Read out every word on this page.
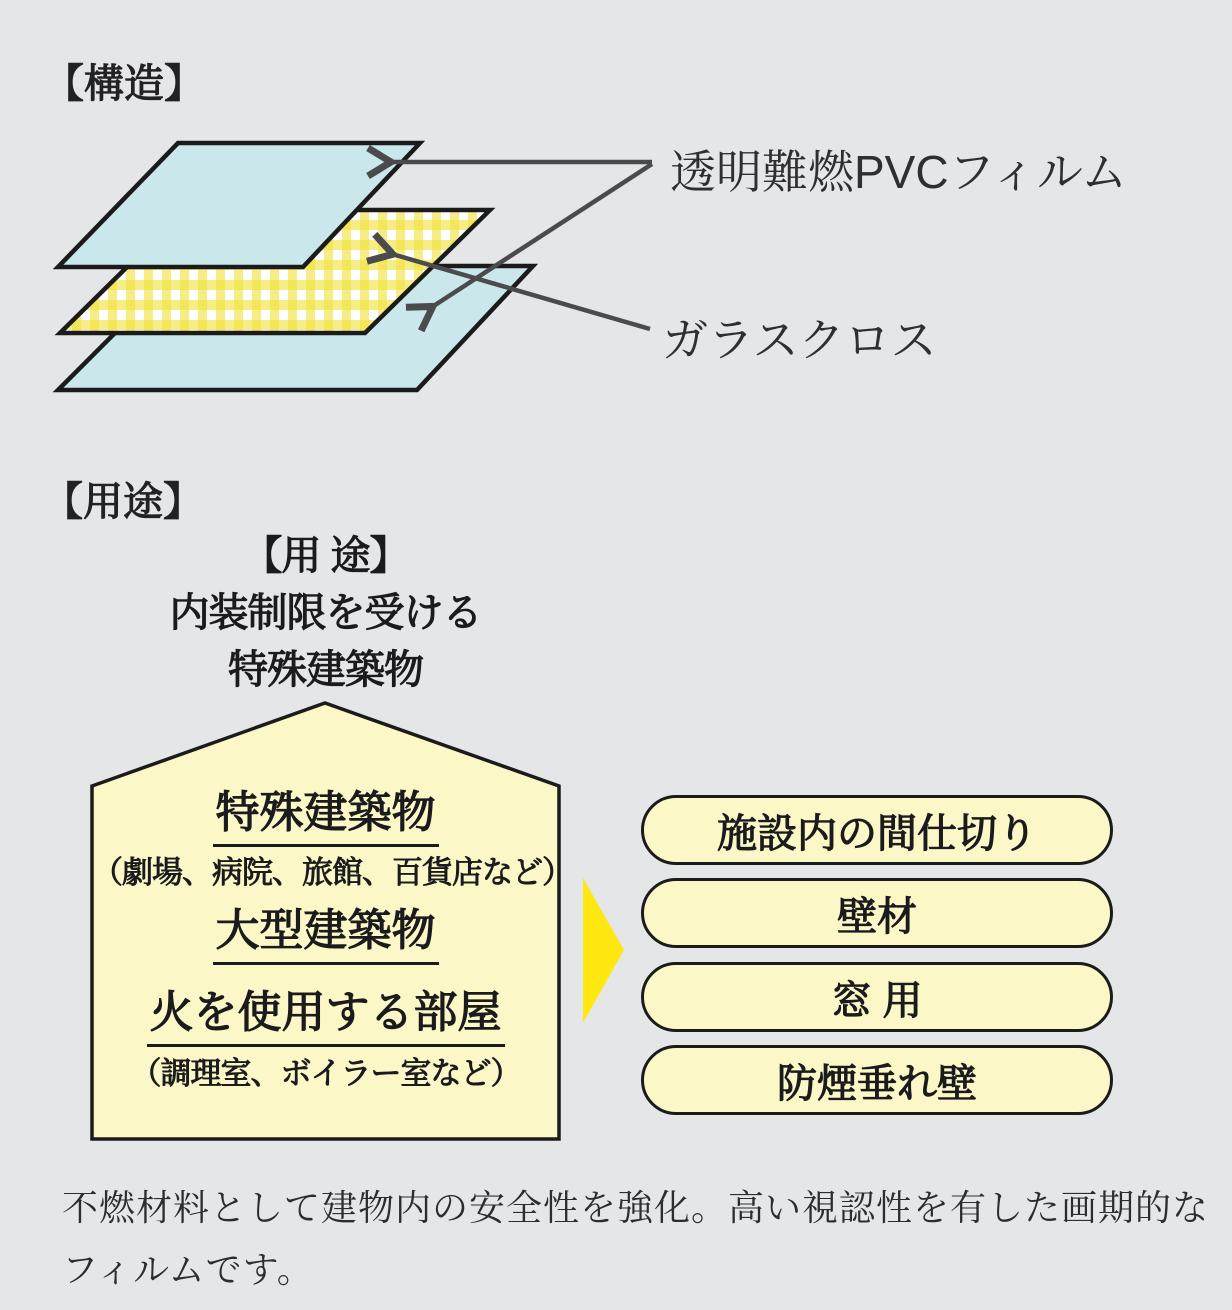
【構造】
透明難燃PVCフィルム
ガラスクロス
【用途】
【用 途】
内装制限を受ける
特殊建築物
特殊建築物
（劇場、病院、旅館、百貨店など）
大型建築物
火を使用する部屋
（調理室、ボイラー室など）
施設内の間仕切り
壁材
窓 用
防煙垂れ壁
不燃材料として建物内の安全性を強化。高い視認性を有した画期的な
フィルムです。
